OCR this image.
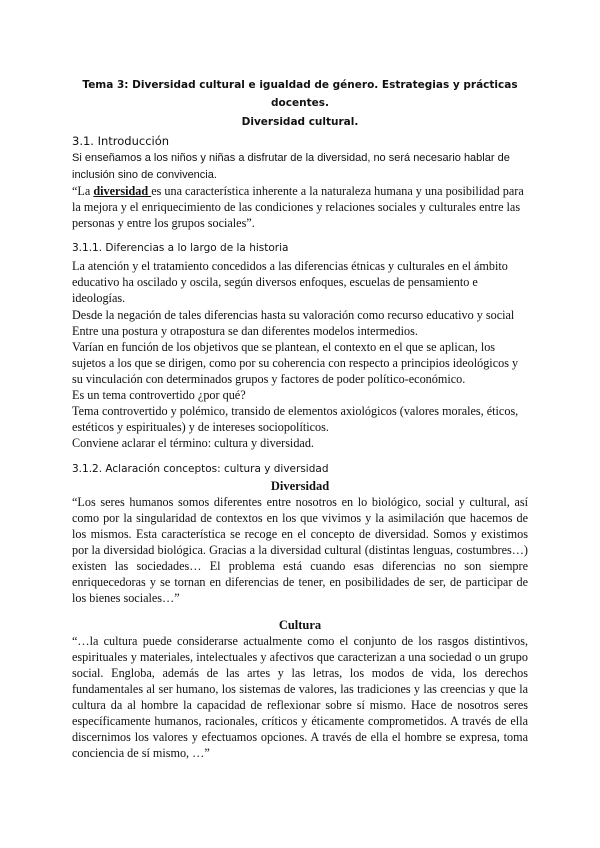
Tema 3: Diversidad cultural e igualdad de género. Estrategias y prácticas
docentes.
Diversidad cultural.
3.1. Introducción

Si enseñamos a los niños y niñas a disfrutar de la diversidad, no será necesario hablar de inclusión sino de convivencia.

“La diversidad es una característica inherente a la naturaleza humana y una posibilidad para la mejora y el enriquecimiento de las condiciones y relaciones sociales y culturales entre las personas y entre los grupos sociales”.

3.1.1. Diferencias a lo largo de la historia

La atención y el tratamiento concedidos a las diferencias étnicas y culturales en el ámbito educativo ha oscilado y oscila, según diversos enfoques, escuelas de pensamiento e ideologías.

Desde la negación de tales diferencias hasta su valoración como recurso educativo y social

Entre una postura y otrapostura se dan diferentes modelos intermedios.

Varían en función de los objetivos que se plantean, el contexto en el que se aplican, los sujetos a los que se dirigen, como por su coherencia con respecto a principios ideológicos y su vinculación con determinados grupos y factores de poder político-económico.

Es un tema controvertido ¿por qué?

Tema controvertido y polémico, transido de elementos axiológicos (valores morales, éticos, estéticos y espirituales) y de intereses sociopolíticos.

Conviene aclarar el término: cultura y diversidad.

3.1.2. Aclaración conceptos: cultura y diversidad
Diversidad

“Los seres humanos somos diferentes entre nosotros en lo biológico, social y cultural, así como por la singularidad de contextos en los que vivimos y la asimilación que hacemos de los mismos. Esta característica se recoge en el concepto de diversidad. Somos y existimos por la diversidad biológica. Gracias a la diversidad cultural (distintas lenguas, costumbres…) existen las sociedades… El problema está cuando esas diferencias no son siempre enriquecedoras y se tornan en diferencias de tener, en posibilidades de ser, de participar de los bienes sociales…”

Cultura

“…la cultura puede considerarse actualmente como el conjunto de los rasgos distintivos, espirituales y materiales, intelectuales y afectivos que caracterizan a una sociedad o un grupo social. Engloba, además de las artes y las letras, los modos de vida, los derechos fundamentales al ser humano, los sistemas de valores, las tradiciones y las creencias y que la cultura da al hombre la capacidad de reflexionar sobre sí mismo. Hace de nosotros seres específicamente humanos, racionales, críticos y éticamente comprometidos. A través de ella discernimos los valores y efectuamos opciones. A través de ella el hombre se expresa, toma conciencia de sí mismo, …”
